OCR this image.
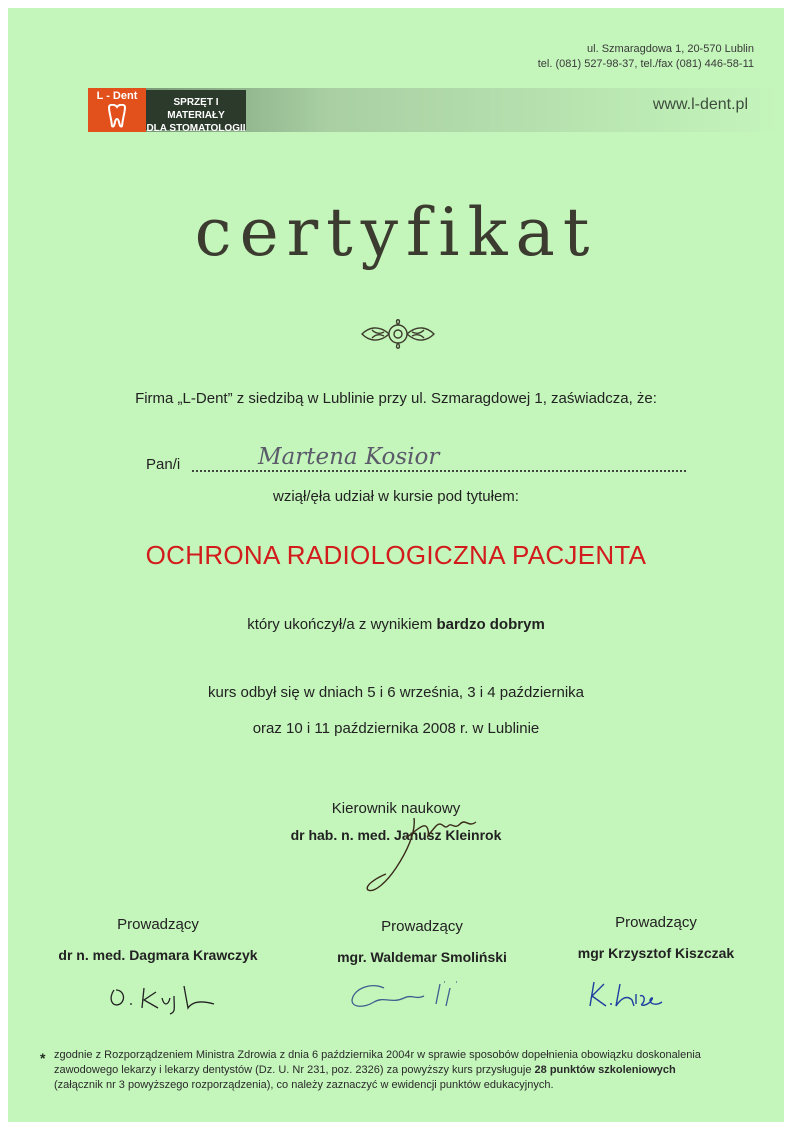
ul. Szmaragdowa 1, 20-570 Lublin
tel. (081) 527-98-37, tel./fax (081) 446-58-11
L - Dent
SPRZĘT I MATERIAŁY
DLA STOMATOLOGII
www.l-dent.pl
certyfikat
Firma „L-Dent” z siedzibą w Lublinie przy ul. Szmaragdowej 1, zaświadcza, że:
Pan/i	Martena Kosior
wziął/ęła udział w kursie pod tytułem:
OCHRONA RADIOLOGICZNA PACJENTA
który ukończył/a z wynikiem bardzo dobrym
kurs odbył się w dniach 5 i 6 września, 3 i 4 października
oraz 10 i 11 października 2008 r. w Lublinie
Kierownik naukowy
dr hab. n. med. Janusz Kleinrok
Prowadzący
dr n. med. Dagmara Krawczyk
Prowadzący
mgr. Waldemar Smoliński
Prowadzący
mgr Krzysztof Kiszczak
* zgodnie z Rozporządzeniem Ministra Zdrowia z dnia 6 października 2004r w sprawie sposobów dopełnienia obowiązku doskonalenia zawodowego lekarzy i lekarzy dentystów (Dz. U. Nr 231, poz. 2326) za powyższy kurs przysługuje 28 punktów szkoleniowych (załącznik nr 3 powyższego rozporządzenia), co należy zaznaczyć w ewidencji punktów edukacyjnych.
